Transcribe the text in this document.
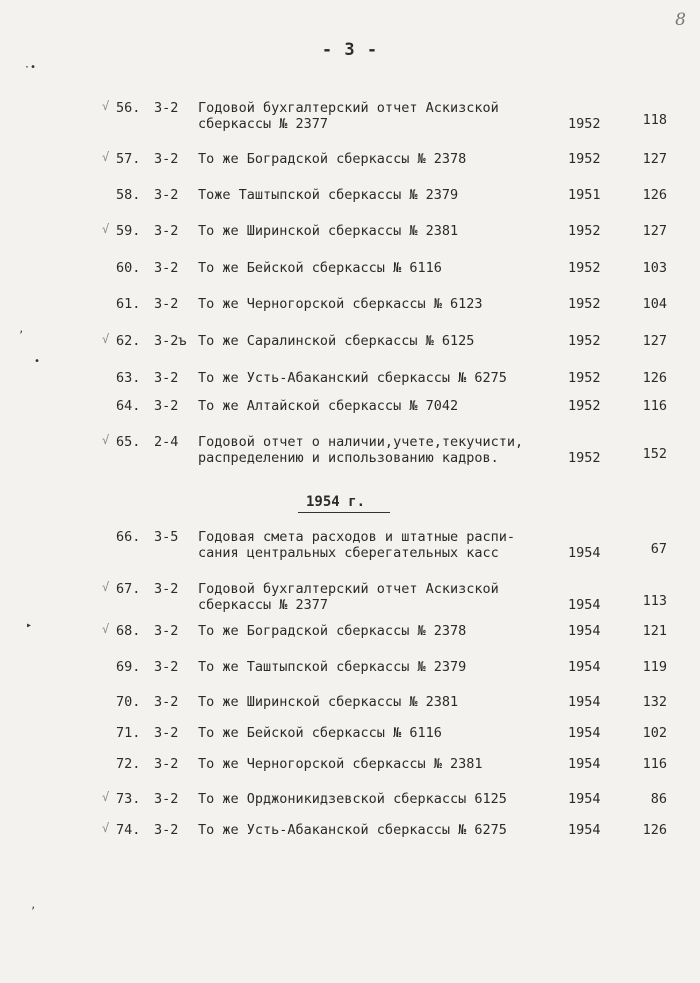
- 3 -
8
√ 56. 3-2 Годовой бухгалтерский отчет Аскизской
сберкассы № 2377	1952	118
√ 57. 3-2 То же Боградской сберкассы № 2378	1952	127
58. 3-2 Тоже Таштыпской сберкассы № 2379	1951	126
√ 59. 3-2 То же Ширинской сберкассы № 2381	1952	127
60. 3-2 То же Бейской сберкассы № 6116	1952	103
61. 3-2 То же Черногорской сберкассы № 6123	1952	104
√ 62. 3-2ъ То же Саралинской сберкассы № 6125	1952	127
63. 3-2 То же Усть-Абаканский сберкассы № 6275	1952	126
64. 3-2 То же Алтайской сберкассы № 7042	1952	116
√ 65. 2-4 Годовой отчет о наличии,учете,текучисти,
распределению и использованию кадров.	1952	152
66. 3-5 Годовая смета расходов и штатные распи-
сания центральных сберегательных касс	1954	67
√ 67. 3-2 Годовой бухгалтерский отчет Аскизской
сберкассы № 2377	1954	113
√ 68. 3-2 То же Боградской сберкассы № 2378	1954	121
69. 3-2 То же Таштыпской сберкассы № 2379	1954	119
70. 3-2 То же Ширинской сберкассы № 2381	1954	132
71. 3-2 То же Бейской сберкассы № 6116	1954	102
72. 3-2 То же Черногорской сберкассы № 2381	1954	116
√ 73. 3-2 То же Орджоникидзевской сберкассы 6125	1954	86
√ 74. 3-2 То же Усть-Абаканской сберкассы № 6275	1954	126
1954 г.
·•
ʼ
•
▸
ʼ
